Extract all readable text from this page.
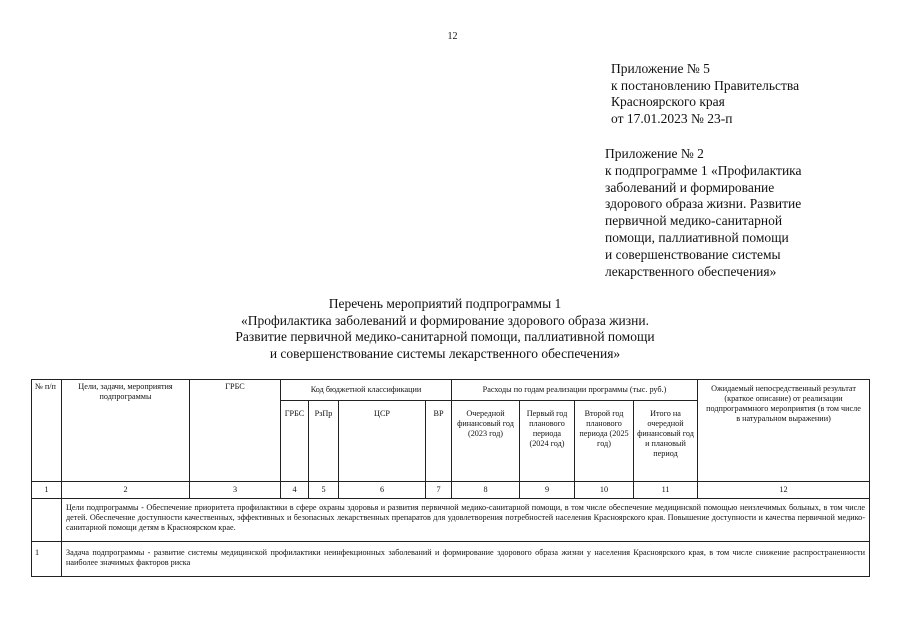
12
Приложение № 5
к постановлению Правительства
Красноярского края
от 17.01.2023 № 23-п
Приложение № 2
к подпрограмме 1 «Профилактика
заболеваний и формирование
здорового образа жизни. Развитие
первичной медико-санитарной
помощи, паллиативной помощи
и совершенствование системы
лекарственного обеспечения»
Перечень мероприятий подпрограммы 1
«Профилактика заболеваний и формирование здорового образа жизни.
Развитие первичной медико-санитарной помощи, паллиативной помощи
и совершенствование системы лекарственного обеспечения»
№ п/п	Цели, задачи, мероприятия подпрограммы	ГРБС	Код бюджетной классификации				Расходы по годам реализации программы (тыс. руб.)				Ожидаемый непосредственный результат (краткое описание) от реализации подпрограммного мероприятия (в том числе в натуральном выражении)
			ГРБС	РзПр	ЦСР	ВР	Очередной финансовый год (2023 год)	Первый год планового периода (2024 год)	Второй год планового периода (2025 год)	Итого на очередной финансовый год и плановый период	
1	2	3	4	5	6	7	8	9	10	11	12
	Цели подпрограммы - Обеспечение приоритета профилактики в сфере охраны здоровья и развития первичной медико-санитарной помощи, в том числе обеспечение медицинской помощью неизлечимых больных, в том числе детей. Обеспечение доступности качественных, эффективных и безопасных лекарственных препаратов для удовлетворения потребностей населения Красноярского края. Повышение доступности и качества первичной медико-санитарной помощи детям в Красноярском крае.										
1	Задача подпрограммы - развитие системы медицинской профилактики неинфекционных заболеваний и формирование здорового образа жизни у населения Красноярского края, в том числе снижение распространенности наиболее значимых факторов риска										
